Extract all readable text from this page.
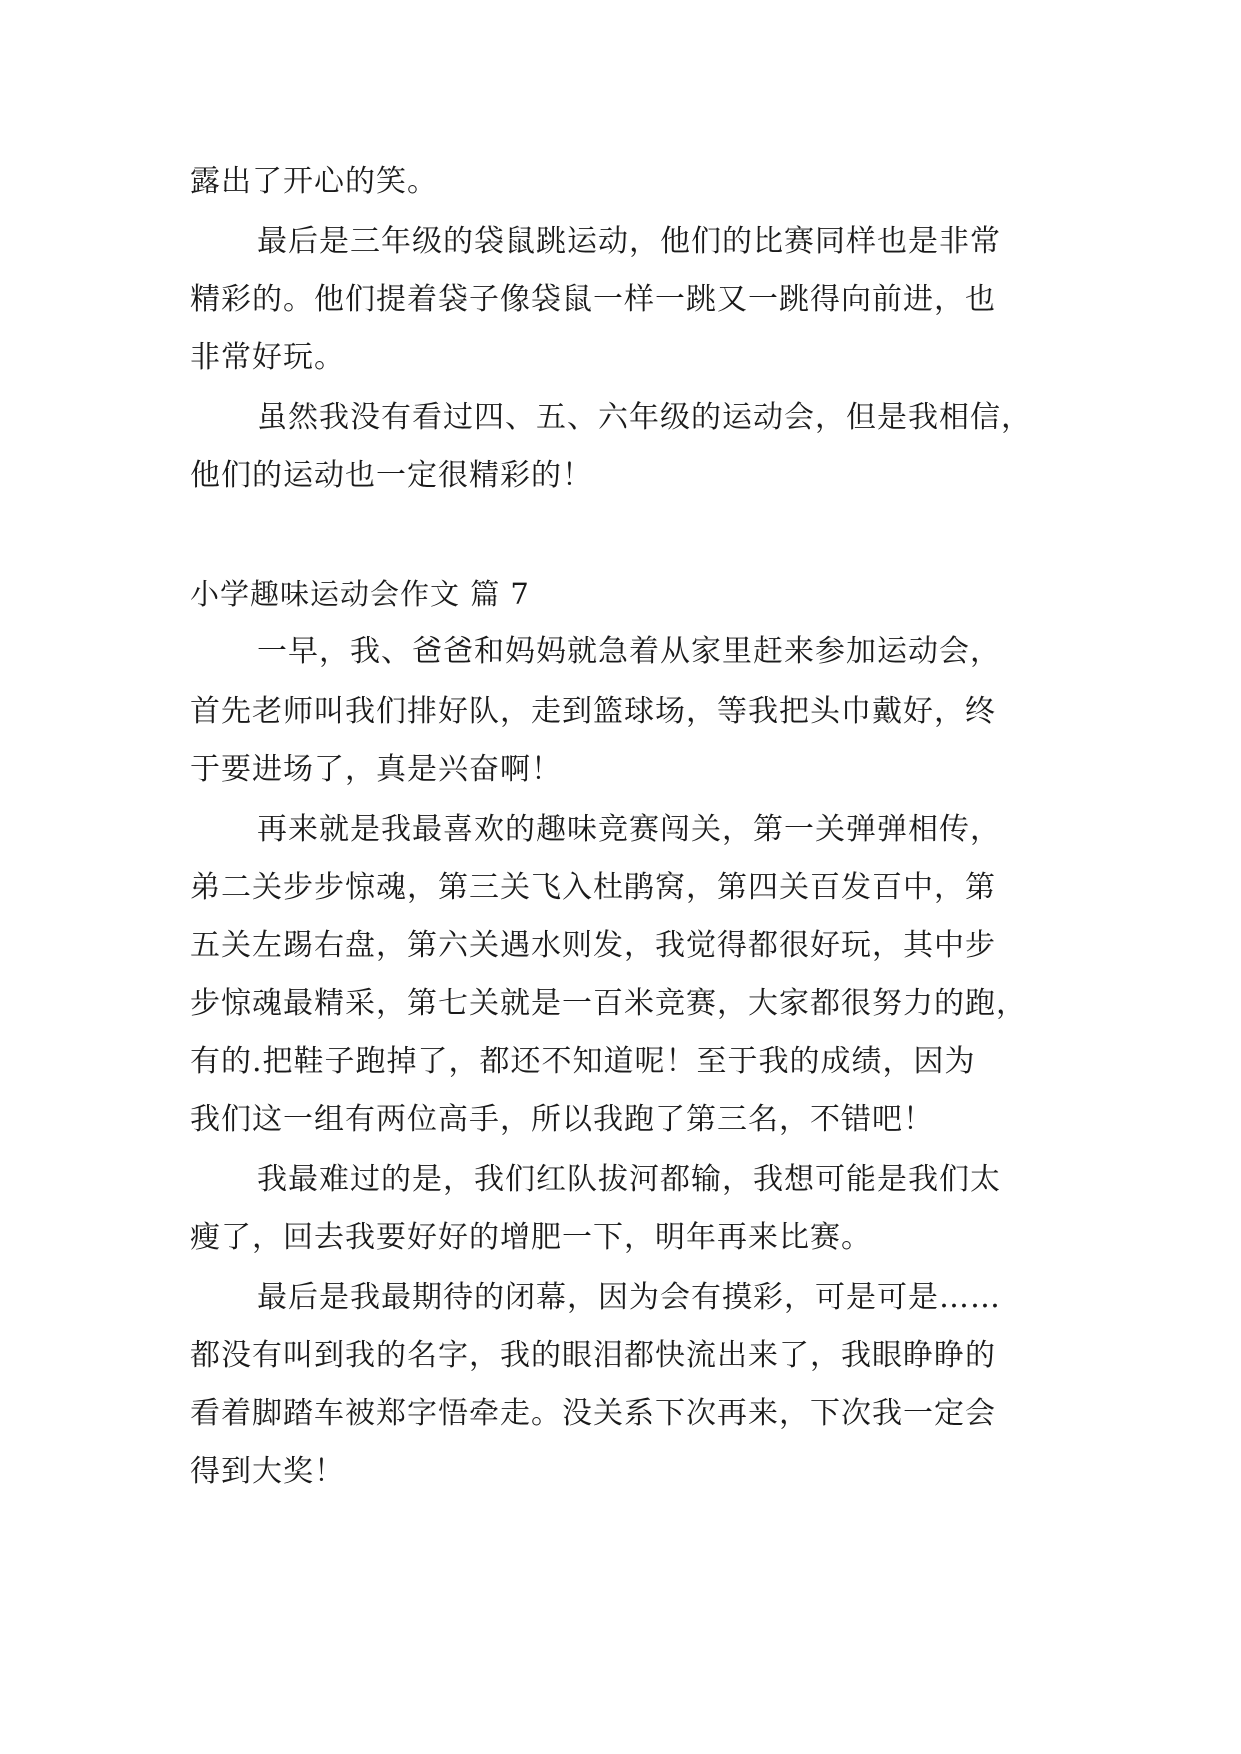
露出了开心的笑。
最后是三年级的袋鼠跳运动，他们的比赛同样也是非常
精彩的。他们提着袋子像袋鼠一样一跳又一跳得向前进，也
非常好玩。
虽然我没有看过四、五、六年级的运动会，但是我相信，
他们的运动也一定很精彩的！
小学趣味运动会作文 篇 7
一早，我、爸爸和妈妈就急着从家里赶来参加运动会，
首先老师叫我们排好队，走到篮球场，等我把头巾戴好，终
于要进场了，真是兴奋啊！
再来就是我最喜欢的趣味竞赛闯关，第一关弹弹相传，
弟二关步步惊魂，第三关飞入杜鹃窝，第四关百发百中，第
五关左踢右盘，第六关遇水则发，我觉得都很好玩，其中步
步惊魂最精采，第七关就是一百米竞赛，大家都很努力的跑，
有的.把鞋子跑掉了，都还不知道呢！至于我的成绩，因为
我们这一组有两位高手，所以我跑了第三名，不错吧！
我最难过的是，我们红队拔河都输，我想可能是我们太
瘦了，回去我要好好的增肥一下，明年再来比赛。
最后是我最期待的闭幕，因为会有摸彩，可是可是……
都没有叫到我的名字，我的眼泪都快流出来了，我眼睁睁的
看着脚踏车被郑字悟牵走。没关系下次再来，下次我一定会
得到大奖！
